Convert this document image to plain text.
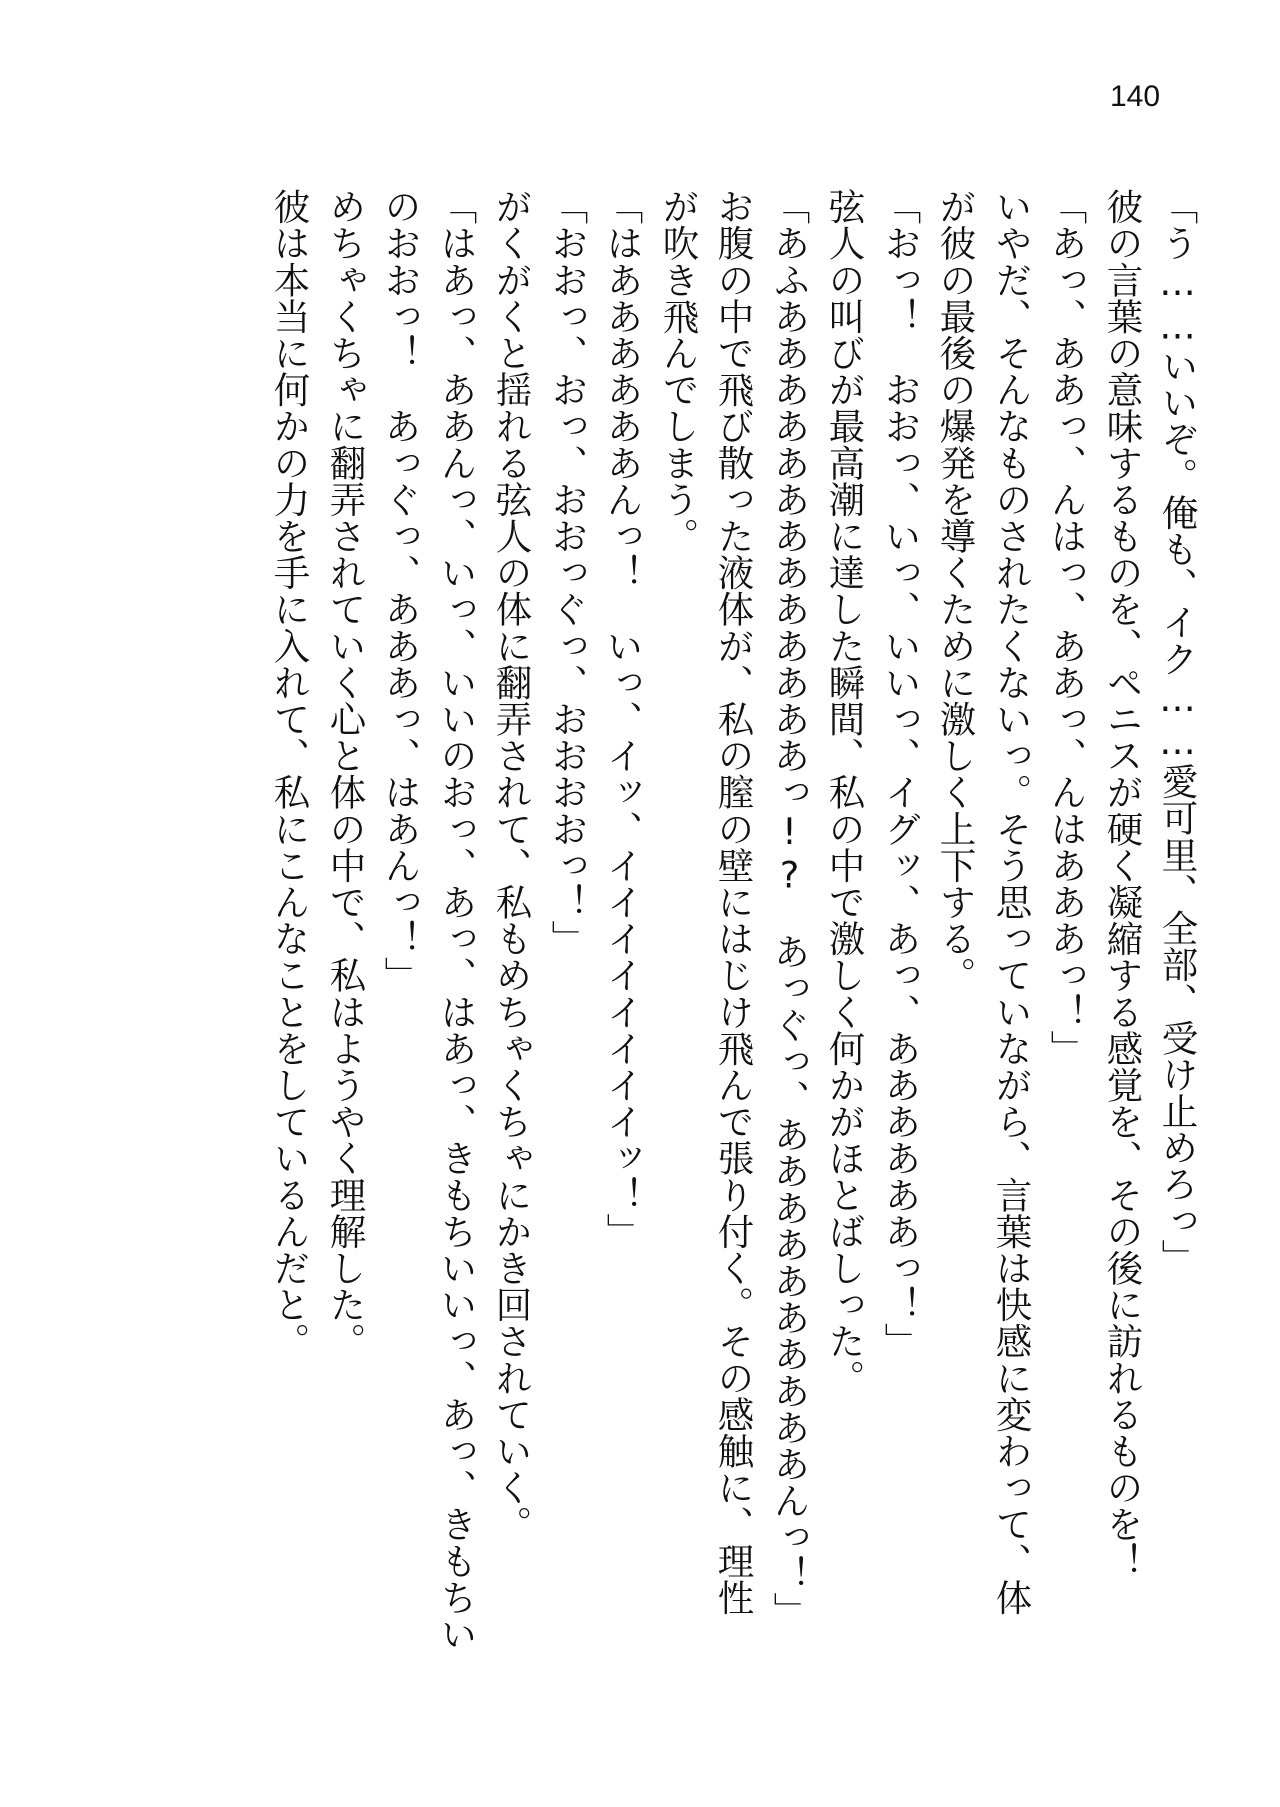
140
「う……いいぞ。俺も、イク……愛可里、全部、受け止めろっ」
彼の言葉の意味するものを、ペニスが硬く凝縮する感覚を、その後に訪れるものを！
「あっ、ああっ、んはっ、ああっ、んはあああっ！」
いやだ、そんなものされたくないっ。そう思っていながら、言葉は快感に変わって、体
が彼の最後の爆発を導くために激しく上下する。
「おっ！　おおっ、いっ、いいっ、イグッ、あっ、ああああああっ！」
弦人の叫びが最高潮に達した瞬間、私の中で激しく何かがほとばしった。
「あふあああああああああああああっ!?　あっぐっ、ああああああああああんっ！」
お腹の中で飛び散った液体が、私の膣の壁にはじけ飛んで張り付く。その感触に、理性
が吹き飛んでしまう。
「はああああああんっ！　いっ、イッ、イイイイイイイイッ！」
「おおっ、おっ、おおっぐっ、おおおおっ！」
がくがくと揺れる弦人の体に翻弄されて、私もめちゃくちゃにかき回されていく。
「はあっ、ああんっ、いっ、いいのおっ、あっ、はあっ、きもちいいっ、あっ、きもちい
のおおっ！　あっぐっ、あああっ、はあんっ！」
めちゃくちゃに翻弄されていく心と体の中で、私はようやく理解した。
彼は本当に何かの力を手に入れて、私にこんなことをしているんだと。
